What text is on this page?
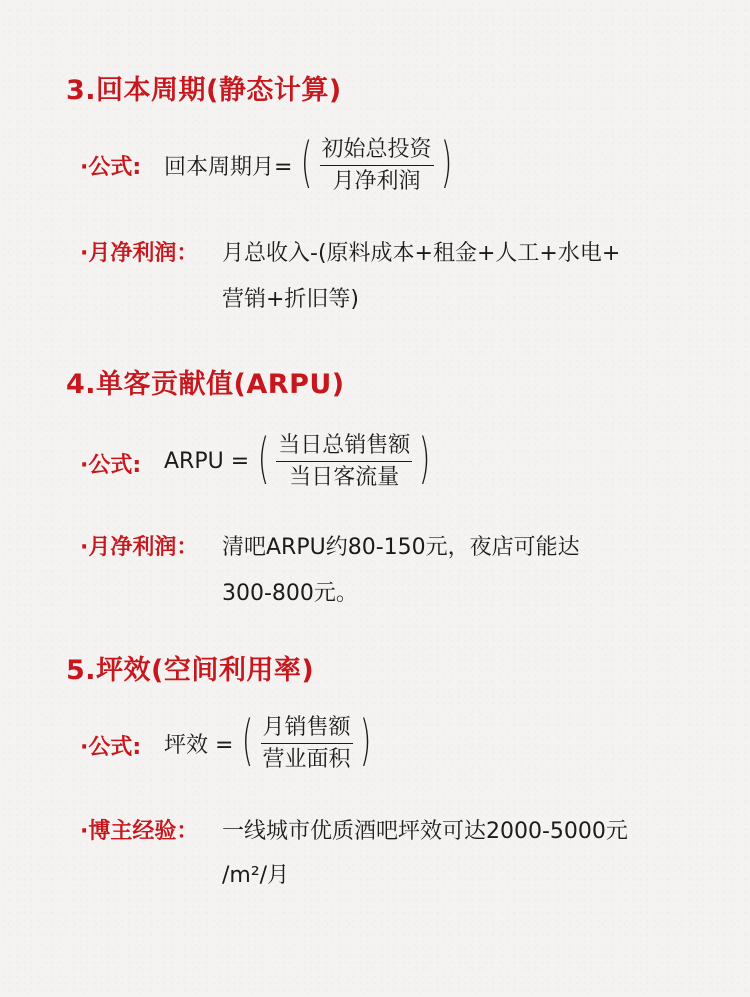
3.回本周期(静态计算)
·公式: 回本周期月= ( $\frac{\text{初始总投资}}{\text{月净利润}}$ )
·月净利润： 月总收入-(原料成本+租金+人工+水电+
营销+折旧等)
4.单客贡献值(ARPU)
·公式: ARPU = ( $\frac{\text{当日总销售额}}{\text{当日客流量}}$ )
·月净利润： 清吧ARPU约80-150元，夜店可能达
300-800元。
5.坪效(空间利用率)
·公式: 坪效 = ( $\frac{\text{月销售额}}{\text{营业面积}}$ )
·博主经验： 一线城市优质酒吧坪效可达2000-5000元
/m²/月
